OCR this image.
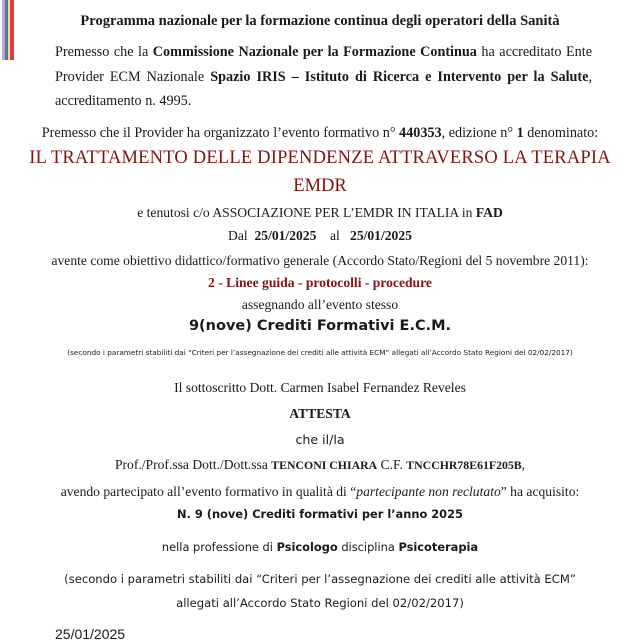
Programma nazionale per la formazione continua degli operatori della Sanità
Premesso che la Commissione Nazionale per la Formazione Continua ha accreditato Ente
Provider ECM Nazionale Spazio IRIS – Istituto di Ricerca e Intervento per la Salute,
accreditamento n. 4995.
Premesso che il Provider ha organizzato l’evento formativo n° 440353, edizione n° 1 denominato:
IL TRATTAMENTO DELLE DIPENDENZE ATTRAVERSO LA TERAPIA
EMDR
e tenutosi c/o ASSOCIAZIONE PER L’EMDR IN ITALIA in FAD
Dal  25/01/2025 al 25/01/2025
avente come obiettivo didattico/formativo generale (Accordo Stato/Regioni del 5 novembre 2011):
2 - Linee guida - protocolli - procedure
assegnando all’evento stesso
9(nove) Crediti Formativi E.C.M.
(secondo i parametri stabiliti dai “Criteri per l’assegnazione dei crediti alle attività ECM” allegati all’Accordo Stato Regioni del 02/02/2017)
Il sottoscritto Dott. Carmen Isabel Fernandez Reveles
ATTESTA
che il/la
Prof./Prof.ssa Dott./Dott.ssa TENCONI CHIARA C.F. TNCCHR78E61F205B,
avendo partecipato all’evento formativo in qualità di “partecipante non reclutato” ha acquisito:
N. 9 (nove) Crediti formativi per l’anno 2025
nella professione di Psicologo disciplina Psicoterapia
(secondo i parametri stabiliti dai “Criteri per l’assegnazione dei crediti alle attività ECM”
allegati all’Accordo Stato Regioni del 02/02/2017)
25/01/2025
